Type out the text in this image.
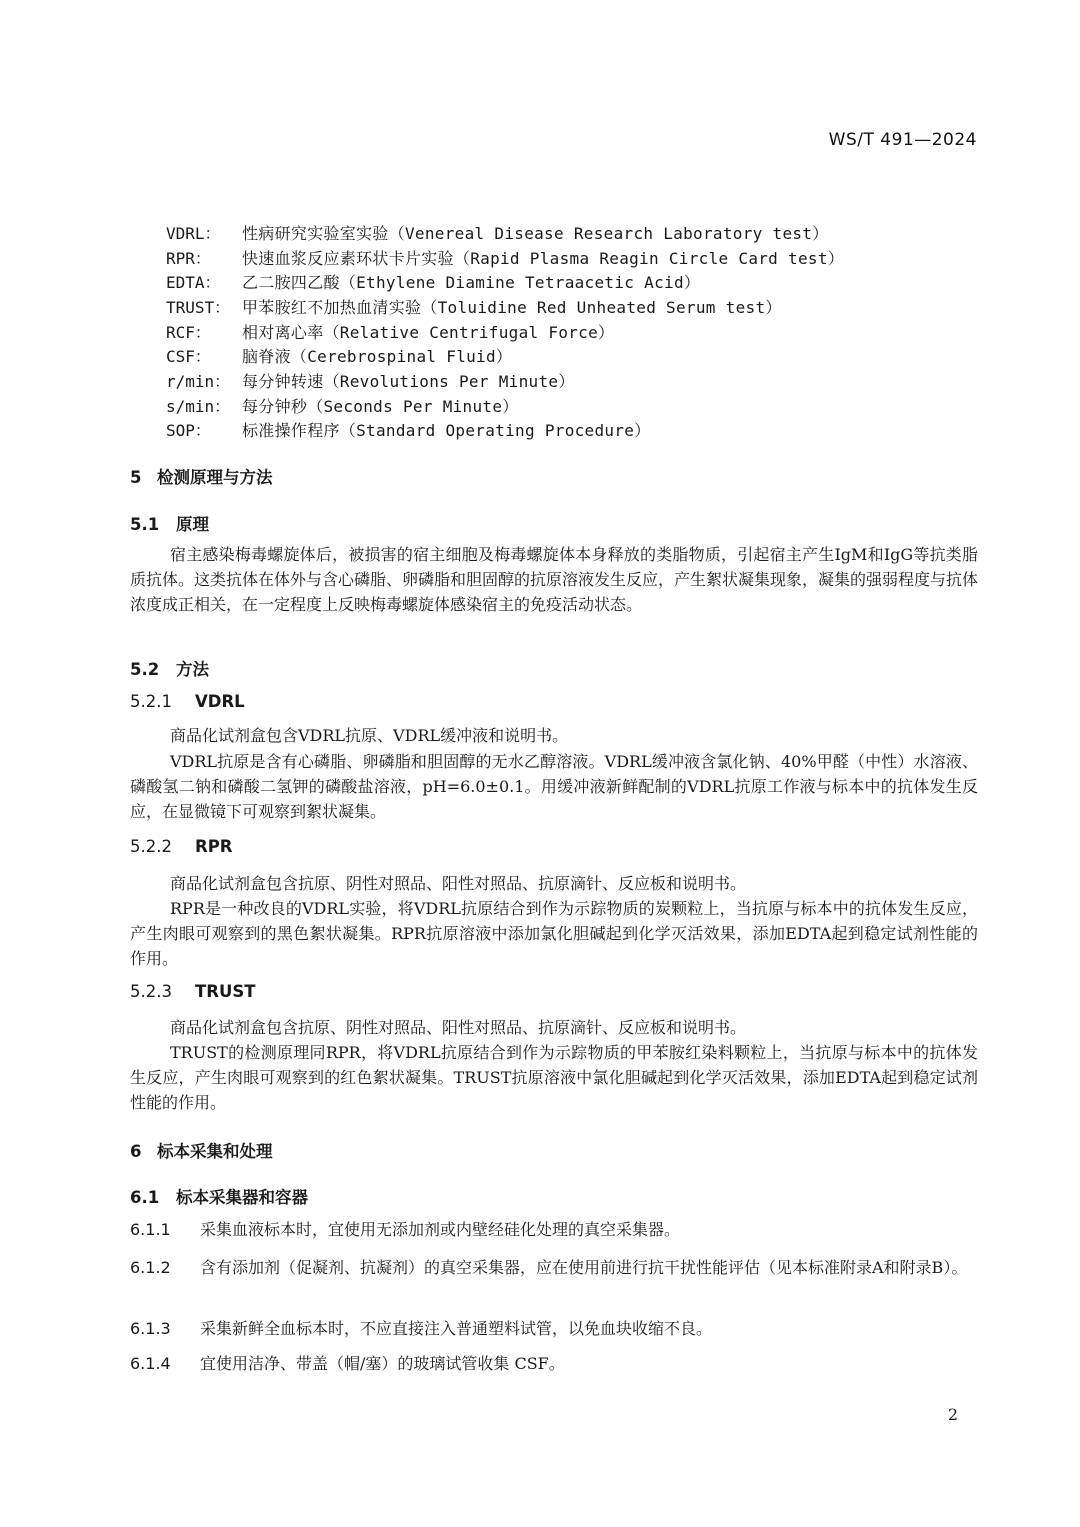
WS/T 491—2024
VDRL：	性病研究实验室实验（Venereal Disease Research Laboratory test）
RPR：	快速血浆反应素环状卡片实验（Rapid Plasma Reagin Circle Card test）
EDTA：	乙二胺四乙酸（Ethylene Diamine Tetraacetic Acid）
TRUST： 甲苯胺红不加热血清实验（Toluidine Red Unheated Serum test）
RCF：	相对离心率（Relative Centrifugal Force）
CSF：	脑脊液（Cerebrospinal Fluid）
r/min： 每分钟转速（Revolutions Per Minute）
s/min： 每分钟秒（Seconds Per Minute）
SOP：	标准操作程序（Standard Operating Procedure）
5 检测原理与方法
5.1 原理
宿主感染梅毒螺旋体后，被损害的宿主细胞及梅毒螺旋体本身释放的类脂物质，引起宿主产生IgM和IgG等抗类脂质抗体。这类抗体在体外与含心磷脂、卵磷脂和胆固醇的抗原溶液发生反应，产生絮状凝集现象，凝集的强弱程度与抗体浓度成正相关，在一定程度上反映梅毒螺旋体感染宿主的免疫活动状态。
5.2 方法
5.2.1 VDRL
商品化试剂盒包含VDRL抗原、VDRL缓冲液和说明书。
VDRL抗原是含有心磷脂、卵磷脂和胆固醇的无水乙醇溶液。VDRL缓冲液含氯化钠、40%甲醛（中性）水溶液、磷酸氢二钠和磷酸二氢钾的磷酸盐溶液，pH=6.0±0.1。用缓冲液新鲜配制的VDRL抗原工作液与标本中的抗体发生反应，在显微镜下可观察到絮状凝集。
5.2.2 RPR
商品化试剂盒包含抗原、阴性对照品、阳性对照品、抗原滴针、反应板和说明书。
RPR是一种改良的VDRL实验，将VDRL抗原结合到作为示踪物质的炭颗粒上，当抗原与标本中的抗体发生反应，产生肉眼可观察到的黑色絮状凝集。RPR抗原溶液中添加氯化胆碱起到化学灭活效果，添加EDTA起到稳定试剂性能的作用。
5.2.3 TRUST
商品化试剂盒包含抗原、阴性对照品、阳性对照品、抗原滴针、反应板和说明书。
TRUST的检测原理同RPR，将VDRL抗原结合到作为示踪物质的甲苯胺红染料颗粒上，当抗原与标本中的抗体发生反应，产生肉眼可观察到的红色絮状凝集。TRUST抗原溶液中氯化胆碱起到化学灭活效果，添加EDTA起到稳定试剂性能的作用。
6 标本采集和处理
6.1 标本采集器和容器
6.1.1 采集血液标本时，宜使用无添加剂或内壁经硅化处理的真空采集器。
6.1.2 含有添加剂（促凝剂、抗凝剂）的真空采集器，应在使用前进行抗干扰性能评估（见本标准附录A和附录B）。
6.1.3 采集新鲜全血标本时，不应直接注入普通塑料试管，以免血块收缩不良。
6.1.4 宜使用洁净、带盖（帽/塞）的玻璃试管收集 CSF。
2
